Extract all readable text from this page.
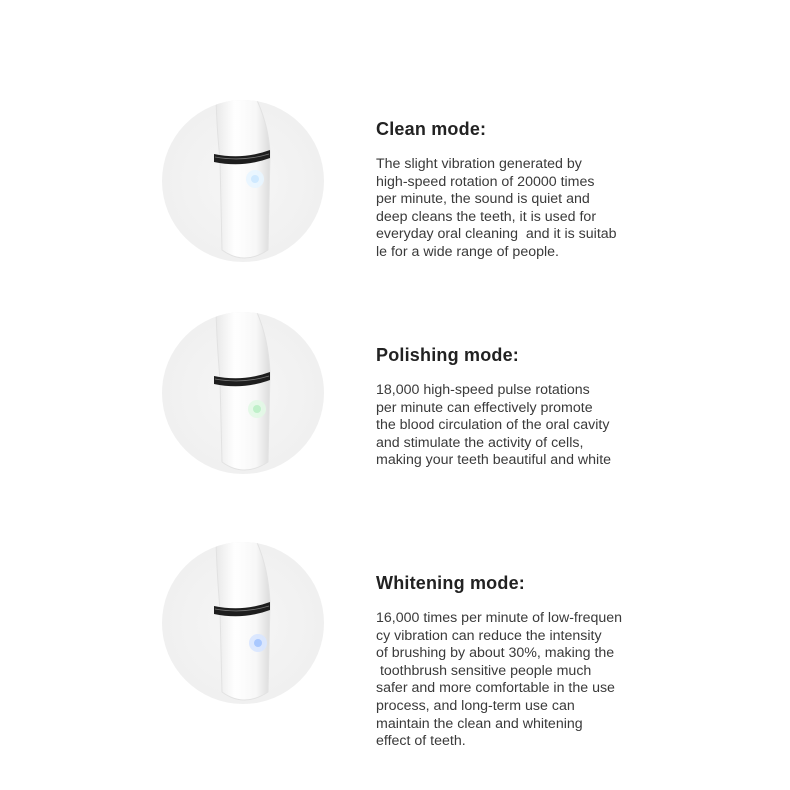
Clean mode:
The slight vibration generated by
high-speed rotation of 20000 times
per minute, the sound is quiet and
deep cleans the teeth, it is used for
everyday oral cleaning  and it is suitab
le for a wide range of people.
Polishing mode:
18,000 high-speed pulse rotations
per minute can effectively promote
the blood circulation of the oral cavity
and stimulate the activity of cells,
making your teeth beautiful and white
Whitening mode:
16,000 times per minute of low-frequen
cy vibration can reduce the intensity
of brushing by about 30%, making the
toothbrush sensitive people much
safer and more comfortable in the use
process, and long-term use can
maintain the clean and whitening
effect of teeth.
